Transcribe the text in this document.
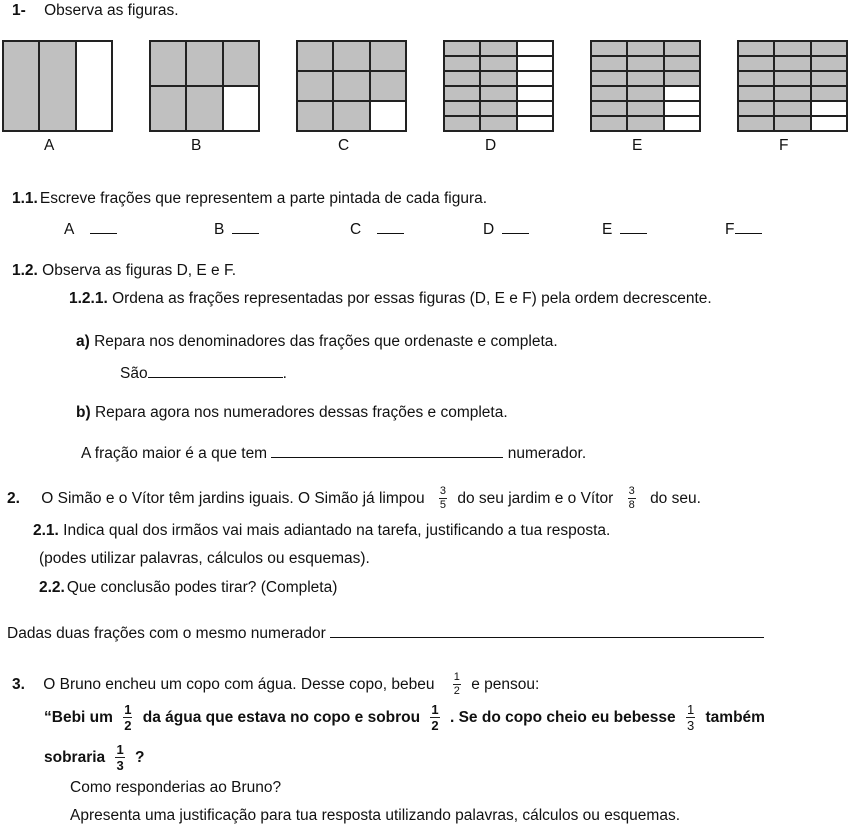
1- Observa as figuras.
A	B	C	D	E	F
1.1. Escreve frações que representem a parte pintada de cada figura.
A	B	C	D	E	F
1.2. Observa as figuras D, E e F.
1.2.1. Ordena as frações representadas por essas figuras (D, E e F) pela ordem decrescente.
a) Repara nos denominadores das frações que ordenaste e completa.
São	.
b) Repara agora nos numeradores dessas frações e completa.
A fração maior é a que tem	numerador.
2. O Simão e o Vítor têm jardins iguais. O Simão já limpou $\frac{3}{5}$ do seu jardim e o Vítor $\frac{3}{8}$ do seu.
2.1. Indica qual dos irmãos vai mais adiantado na tarefa, justificando a tua resposta.
(podes utilizar palavras, cálculos ou esquemas).
2.2. Que conclusão podes tirar? (Completa)
Dadas duas frações com o mesmo numerador
3. O Bruno encheu um copo com água. Desse copo, bebeu $\frac{1}{2}$ e pensou:
“Bebi um $\frac{1}{2}$ da água que estava no copo e sobrou $\frac{1}{2}$ . Se do copo cheio eu bebesse $\frac{1}{3}$ também
sobraria $\frac{1}{3}$ ?
Como responderias ao Bruno?
Apresenta uma justificação para tua resposta utilizando palavras, cálculos ou esquemas.
